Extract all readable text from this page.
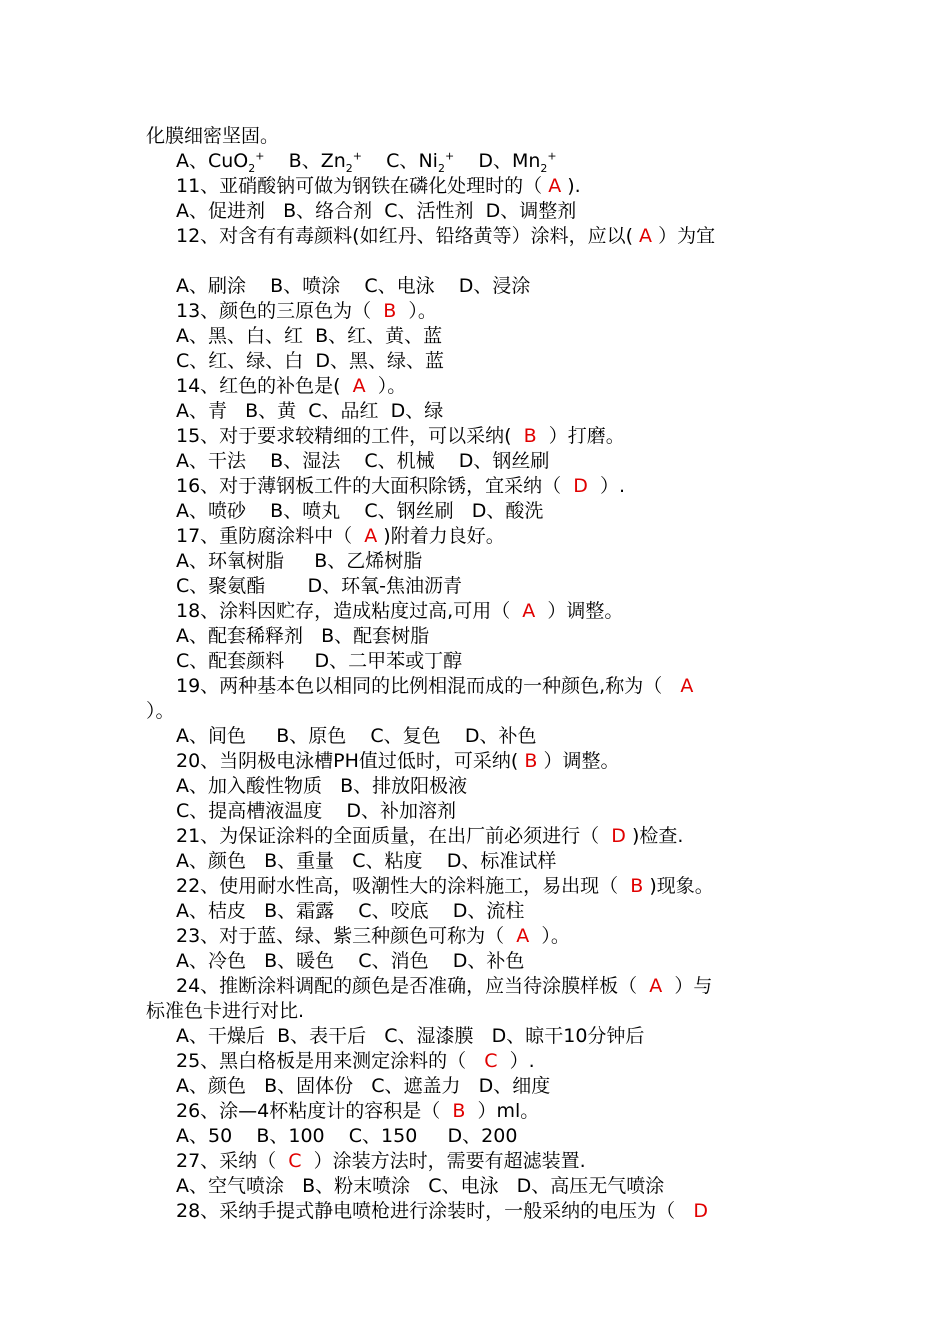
化膜细密坚固。
A、CuO$_2$+ B、$Zn_2^+$ C、$Ni_2^+$ D、$Mn_2^+$
11、亚硝酸钠可做为钢铁在磷化处理时的（ A ).
A、促进剂   B、络合剂  C、活性剂  D、调整剂
12、对含有有毒颜料(如红丹、铅络黄等）涂料，应以( A ）为宜
A、刷涂    B、喷涂    C、电泳    D、浸涂
13、颜色的三原色为（  B  ）。
A、黑、白、红  B、红、黄、蓝
C、红、绿、白  D、黑、绿、蓝
14、红色的补色是(  A  ）。
A、青   B、黄  C、品红  D、绿
15、对于要求较精细的工件，可以采纳(  B  ）打磨。
A、干法    B、湿法    C、机械    D、钢丝刷
16、对于薄钢板工件的大面积除锈，宜采纳（  D  ）.
A、喷砂    B、喷丸    C、钢丝刷   D、酸洗
17、重防腐涂料中（  A )附着力良好。
A、环氧树脂     B、乙烯树脂
C、聚氨酯       D、环氧-焦油沥青
18、涂料因贮存，造成粘度过高,可用（  A  ）调整。
A、配套稀释剂   B、配套树脂
C、配套颜料     D、二甲苯或丁醇
19、两种基本色以相同的比例相混而成的一种颜色,称为（   A
）。
A、间色     B、原色    C、复色    D、补色
20、当阴极电泳槽PH值过低时，可采纳( B ）调整。
A、加入酸性物质   B、排放阳极液
C、提高槽液温度    D、补加溶剂
21、为保证涂料的全面质量，在出厂前必须进行（  D )检查.
A、颜色   B、重量   C、粘度    D、标准试样
22、使用耐水性高，吸潮性大的涂料施工，易出现（  B )现象。
A、桔皮   B、霜露    C、咬底    D、流柱
23、对于蓝、绿、紫三种颜色可称为（  A  ）。
A、冷色   B、暖色    C、消色    D、补色
24、推断涂料调配的颜色是否准确，应当待涂膜样板（  A  ）与
标准色卡进行对比.
A、干燥后  B、表干后   C、湿漆膜   D、晾干10分钟后
25、黑白格板是用来测定涂料的（   C  ）.
A、颜色   B、固体份   C、遮盖力   D、细度
26、涂—4杯粘度计的容积是（  B  ）ml。
A、50    B、100    C、150     D、200
27、采纳（  C  ）涂装方法时，需要有超滤装置.
A、空气喷涂   B、粉末喷涂   C、电泳   D、高压无气喷涂
28、采纳手提式静电喷枪进行涂装时，一般采纳的电压为（   D
